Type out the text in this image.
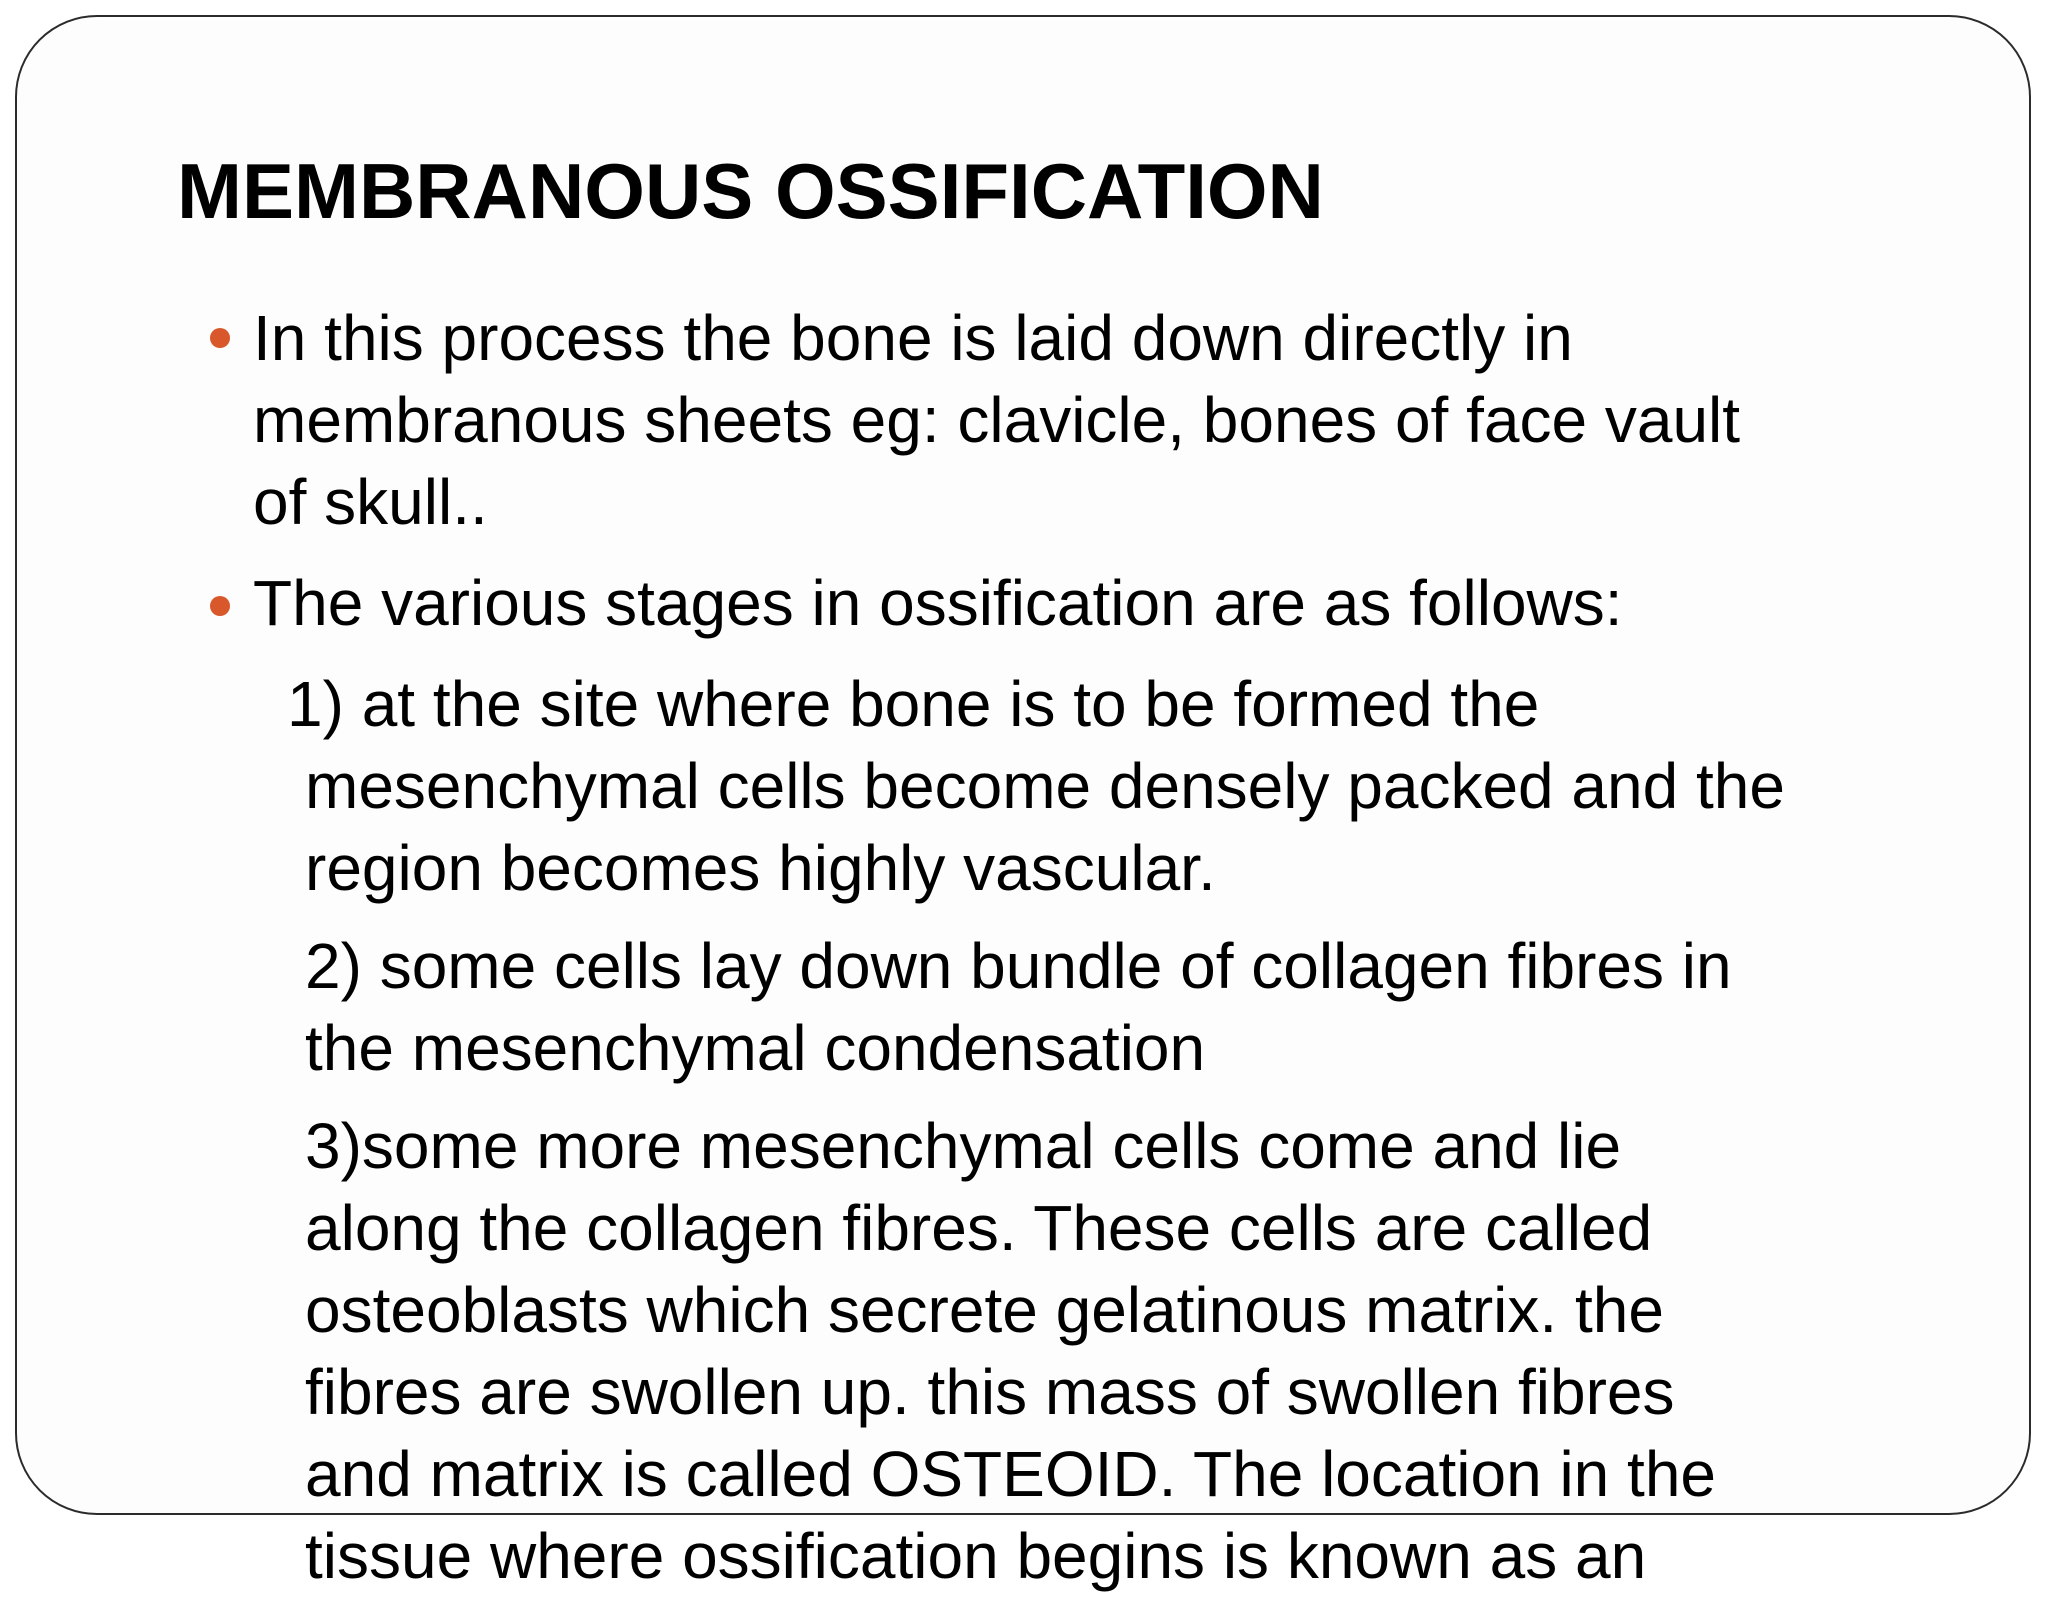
MEMBRANOUS OSSIFICATION

In this process the bone is laid down directly in
membranous sheets eg: clavicle, bones of face vault
of skull..

The various stages in ossification are as follows:

1) at the site where bone is to be formed the
mesenchymal cells become densely packed and the
region becomes highly vascular.

2) some cells lay down bundle of collagen fibres in
the mesenchymal condensation

3)some more mesenchymal cells come and lie
along the collagen fibres. These cells are called
osteoblasts which secrete gelatinous matrix. the
fibres are swollen up. this mass of swollen fibres
and matrix is called OSTEOID. The location in the
tissue where ossification begins is known as an
